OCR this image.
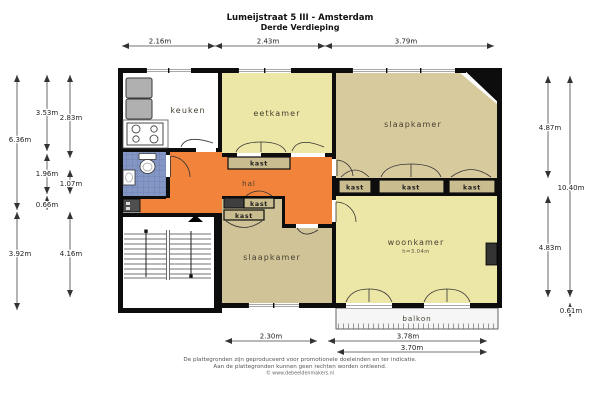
Lumeijstraat 5 III - Amsterdam
Derde Verdieping
2.16m	2.43m	3.79m
6.36m
3.92m
3.53m
1.96m
0.66m
2.83m
1.07m
4.16m
4.87m
4.83m
10.40m
0.61m
2.30m	3.78m
3.70m
keuken	eetkamer
slaapkamer
slaapkamer
woonkamer
h=3.04m
hal
balkon
kast
kast	kast	kast
kast
kast
De plattegronden zijn geproduceerd voor promotionele doeleinden en ter indicatie.
Aan de plattegronden kunnen geen rechten worden ontleend.
© www.debeeldenmakers.nl
